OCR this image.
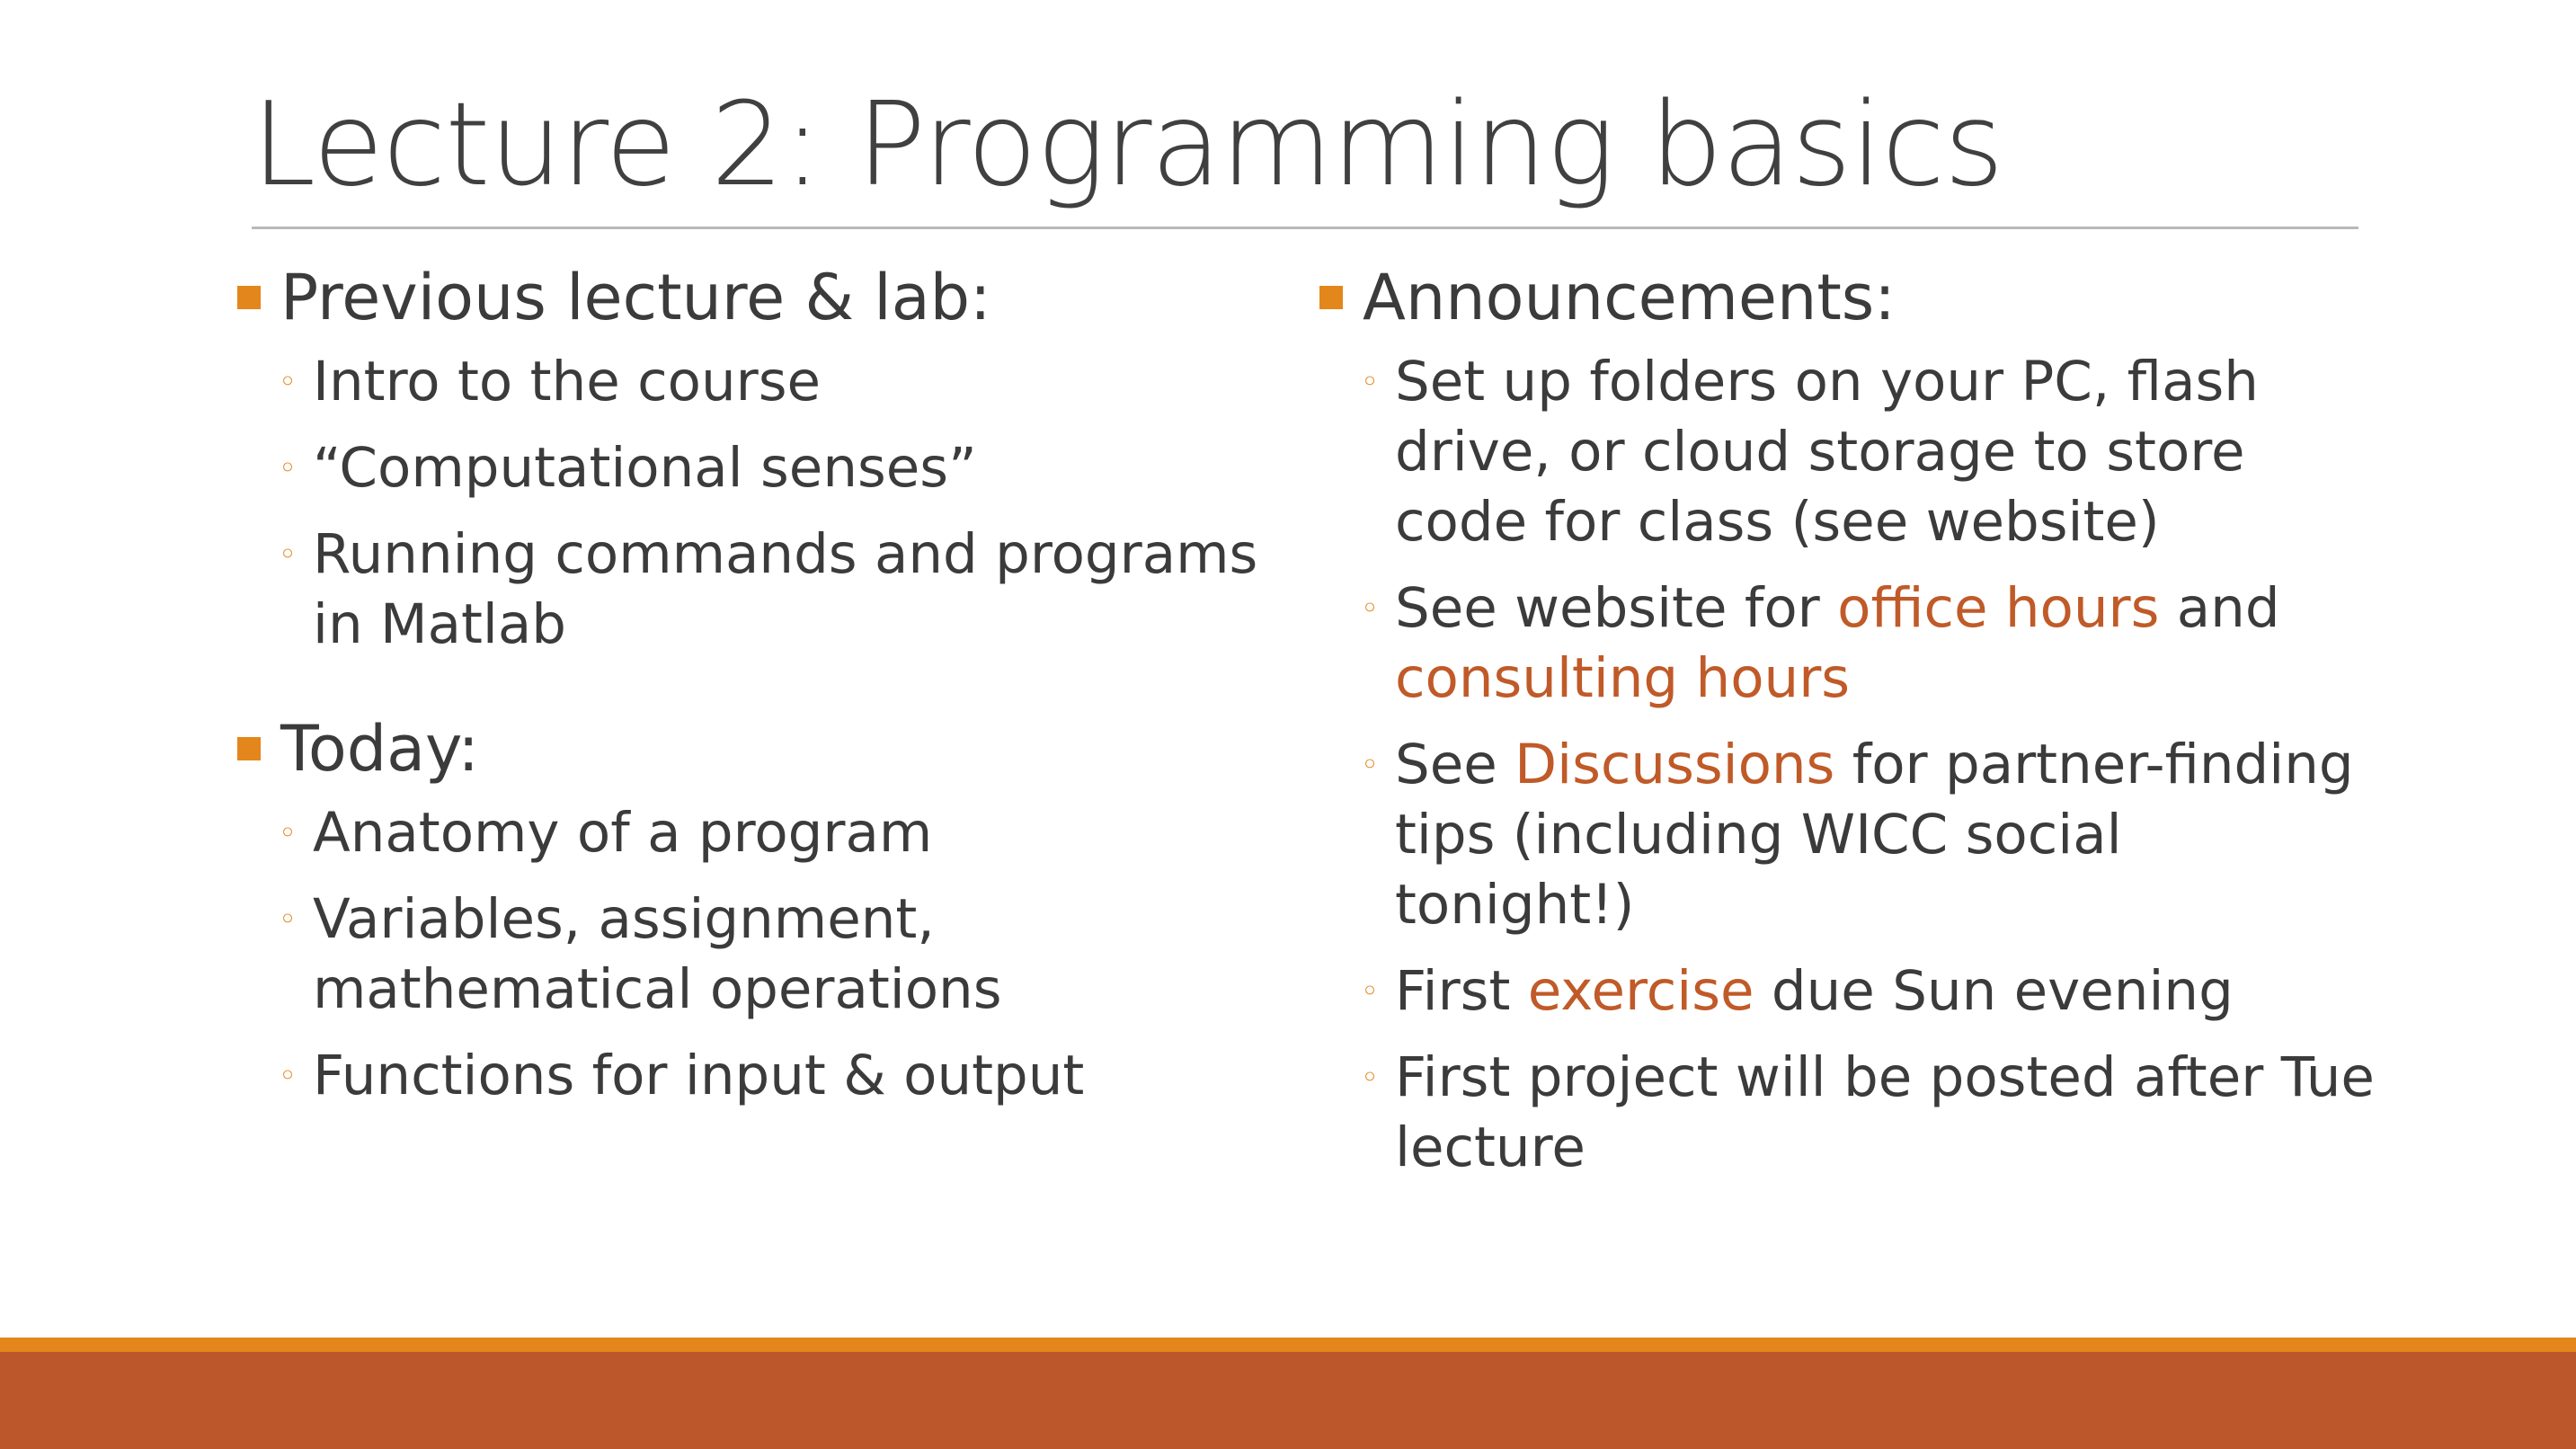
Lecture 2: Programming basics
Previous lecture & lab:
◦ Intro to the course
◦ “Computational senses”
◦ Running commands and programs in Matlab
Today:
◦ Anatomy of a program
◦ Variables, assignment, mathematical operations
◦ Functions for input & output
Announcements:
◦ Set up folders on your PC, flash drive, or cloud storage to store code for class (see website)
◦ See website for office hours and consulting hours
◦ See Discussions for partner-finding tips (including WICC social tonight!)
◦ First exercise due Sun evening
◦ First project will be posted after Tue lecture
